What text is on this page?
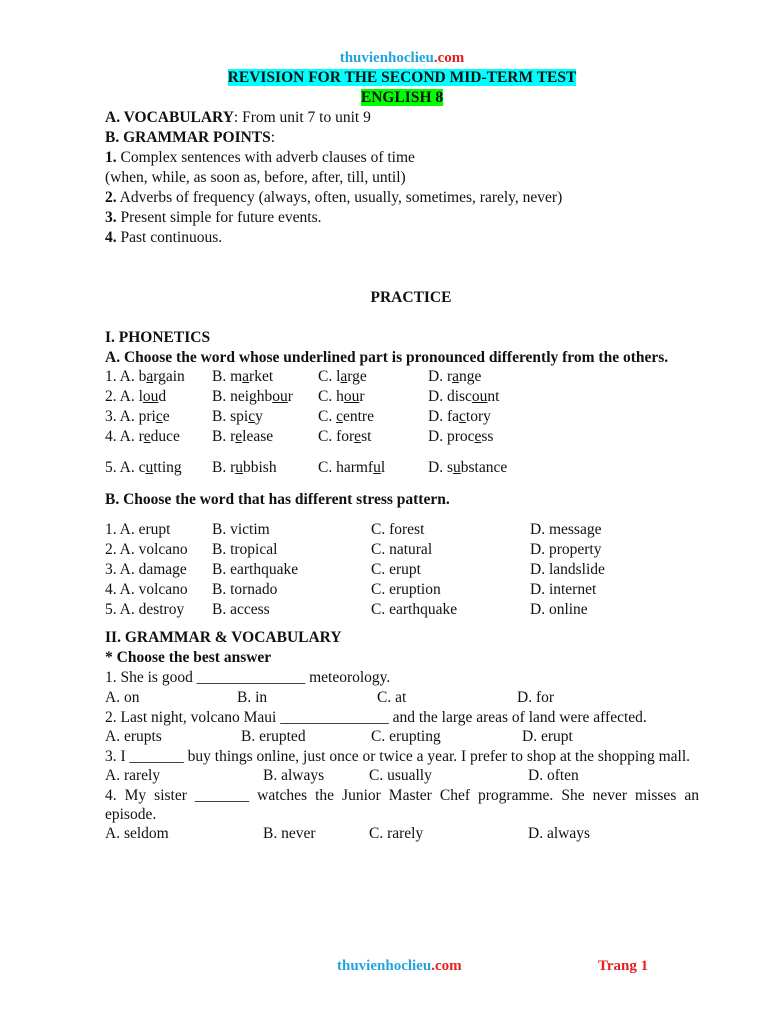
thuvienhoclieu.com
REVISION FOR THE SECOND MID-TERM TEST
ENGLISH 8
A. VOCABULARY: From unit 7 to unit 9
B. GRAMMAR POINTS:
1. Complex sentences with adverb clauses of time
(when, while, as soon as, before, after, till, until)
2. Adverbs of frequency (always, often, usually, sometimes, rarely, never)
3. Present simple for future events.
4. Past continuous.
PRACTICE
I. PHONETICS
A. Choose the word whose underlined part is pronounced differently from the others.
1. A. bargain B. market	C. large	D. range
2. A. loud	B. neighbour C. hour	D. discount
3. A. price	B. spicy	C. centre	D. factory
4. A. reduce B. release	C. forest	D. process
5. A. cutting B. rubbish	C. harmful	D. substance
B. Choose the word that has different stress pattern.
1. A. erupt	B. victim	C. forest	D. message
2. A. volcano B. tropical	C. natural	D. property
3. A. damage B. earthquake	C. erupt	D. landslide
4. A. volcano B. tornado	C. eruption	D. internet
5. A. destroy B. access	C. earthquake	D. online
II. GRAMMAR & VOCABULARY
* Choose the best answer
1. She is good ______________ meteorology.
A. on	B. in	C. at	D. for
2. Last night, volcano Maui ______________ and the large areas of land were affected.
A. erupts	B. erupted	C. erupting	D. erupt
3. I _______ buy things online, just once or twice a year. I prefer to shop at the shopping mall.
A. rarely	B. always	C. usually	D. often
4. My sister _______ watches the Junior Master Chef programme. She never misses an episode.
A. seldom	B. never	C. rarely	D. always
thuvienhoclieu.com	Trang 1
